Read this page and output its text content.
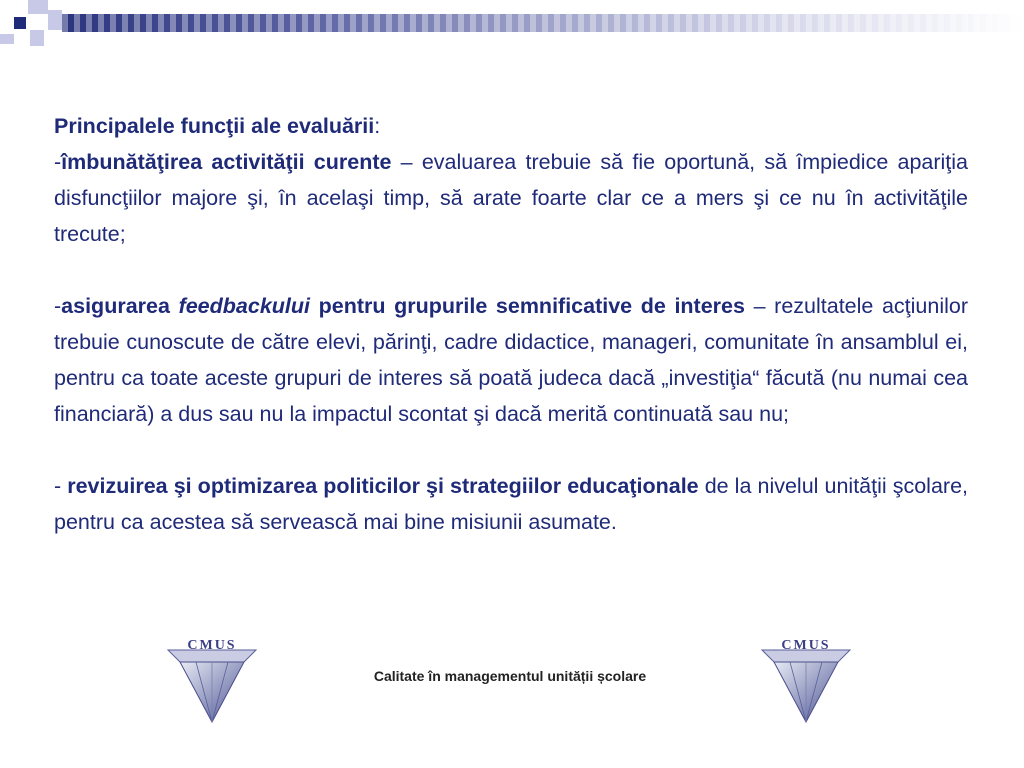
Principalele funcţii ale evaluării:

-îmbunătăţirea activităţii curente – evaluarea trebuie să fie oportună, să împiedice apariţia disfuncţiilor majore şi, în acelaşi timp, să arate foarte clar ce a mers şi ce nu în activităţile trecute;

-asigurarea feedbackului pentru grupurile semnificative de interes – rezultatele acţiunilor trebuie cunoscute de către elevi, părinţi, cadre didactice, manageri, comunitate în ansamblul ei, pentru ca toate aceste grupuri de interes să poată judeca dacă „investiţia“ făcută (nu numai cea financiară) a dus sau nu la impactul scontat şi dacă merită continuată sau nu;

- revizuirea şi optimizarea politicilor şi strategiilor educaţionale de la nivelul unităţii şcolare, pentru ca acestea să servească mai bine misiunii asumate.

CMUS
Calitate în managementul unității școlare
CMUS
